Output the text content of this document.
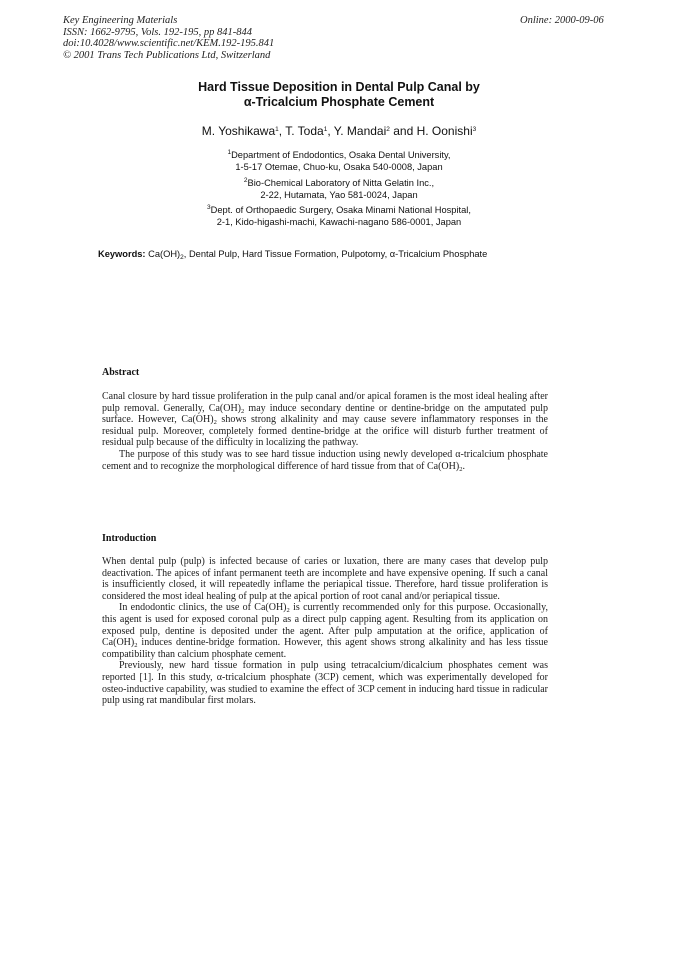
Key Engineering Materials
ISSN: 1662-9795, Vols. 192-195, pp 841-844
doi:10.4028/www.scientific.net/KEM.192-195.841
© 2001 Trans Tech Publications Ltd, Switzerland
Online: 2000-09-06
Hard Tissue Deposition in Dental Pulp Canal by
α-Tricalcium Phosphate Cement
M. Yoshikawa$^1$, T. Toda$^1$, Y. Mandai$^2$ and H. Oonishi$^3$
$^1$Department of Endodontics, Osaka Dental University,
1-5-17 Otemae, Chuo-ku, Osaka 540-0008, Japan
$^2$Bio-Chemical Laboratory of Nitta Gelatin Inc.,
2-22, Hutamata, Yao 581-0024, Japan
$^3$Dept. of Orthopaedic Surgery, Osaka Minami National Hospital,
2-1, Kido-higashi-machi, Kawachi-nagano 586-0001, Japan
Keywords: $Ca(OH)_2$, Dental Pulp, Hard Tissue Formation, Pulpotomy, α-Tricalcium Phosphate
Abstract

Canal closure by hard tissue proliferation in the pulp canal and/or apical foramen is the most ideal healing after pulp removal. Generally, $Ca(OH)_2$ may induce secondary dentine or dentine-bridge on the amputated pulp surface. However, $Ca(OH)_2$ shows strong alkalinity and may cause severe inflammatory responses in the residual pulp. Moreover, completely formed dentine-bridge at the orifice will disturb further treatment of residual pulp because of the difficulty in localizing the pathway.

The purpose of this study was to see hard tissue induction using newly developed α-tricalcium phosphate cement and to recognize the morphological difference of hard tissue from that of $Ca(OH)_2$.

Introduction

When dental pulp (pulp) is infected because of caries or luxation, there are many cases that develop pulp deactivation. The apices of infant permanent teeth are incomplete and have expensive opening. If such a canal is insufficiently closed, it will repeatedly inflame the periapical tissue. Therefore, hard tissue proliferation is considered the most ideal healing of pulp at the apical portion of root canal and/or periapical tissue.

In endodontic clinics, the use of $Ca(OH)_2$ is currently recommended only for this purpose. Occasionally, this agent is used for exposed coronal pulp as a direct pulp capping agent. Resulting from its application on exposed pulp, dentine is deposited under the agent. After pulp amputation at the orifice, application of $Ca(OH)_2$ induces dentine-bridge formation. However, this agent shows strong alkalinity and has less tissue compatibility than calcium phosphate cement.

Previously, new hard tissue formation in pulp using tetracalcium/dicalcium phosphates cement was reported [1]. In this study, α-tricalcium phosphate (3CP) cement, which was experimentally developed for osteo-inductive capability, was studied to examine the effect of 3CP cement in inducing hard tissue in radicular pulp using rat mandibular first molars.
